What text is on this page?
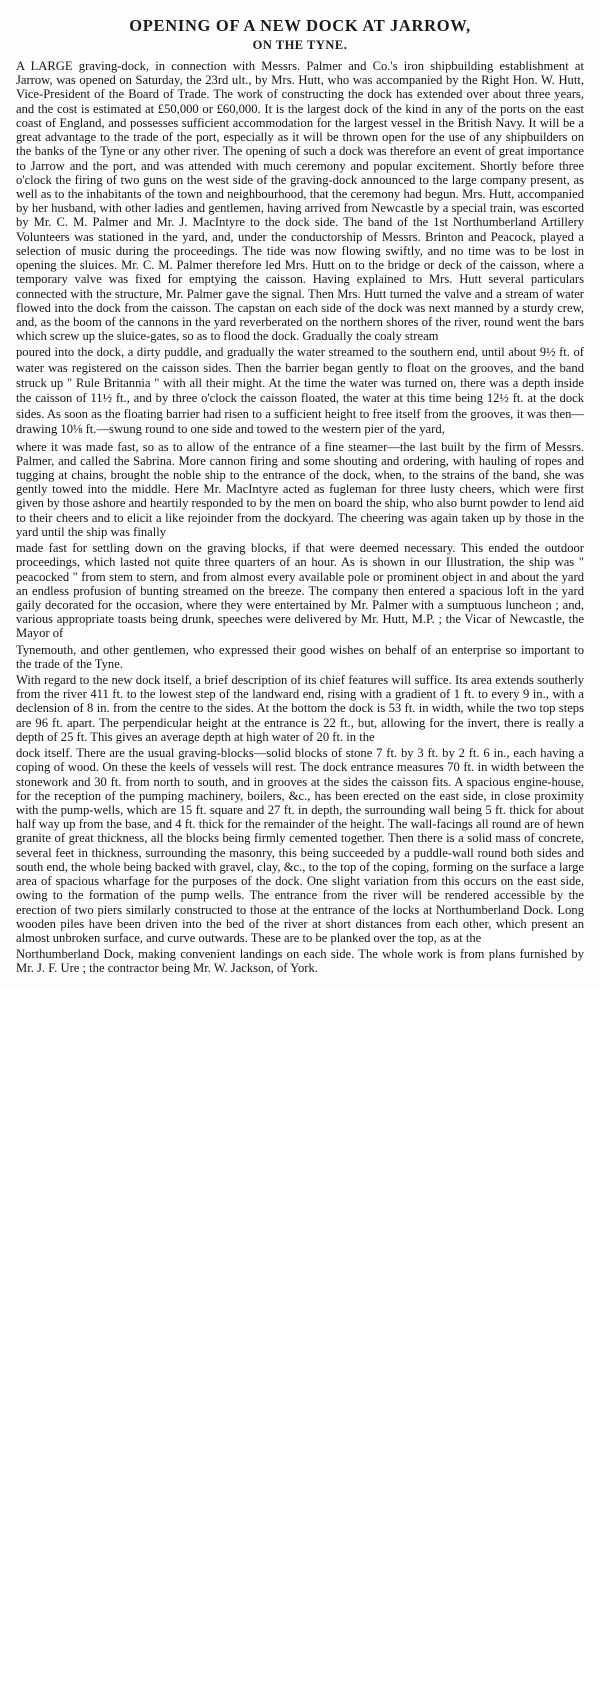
OPENING OF A NEW DOCK AT JARROW,
ON THE TYNE.

A LARGE graving-dock, in connection with Messrs. Palmer and Co.'s iron shipbuilding establishment at Jarrow, was opened on Saturday, the 23rd ult., by Mrs. Hutt, who was accompanied by the Right Hon. W. Hutt, Vice-President of the Board of Trade. The work of constructing the dock has extended over about three years, and the cost is estimated at £50,000 or £60,000. It is the largest dock of the kind in any of the ports on the east coast of England, and possesses sufficient accommodation for the largest vessel in the British Navy. It will be a great advantage to the trade of the port, especially as it will be thrown open for the use of any shipbuilders on the banks of the Tyne or any other river. The opening of such a dock was therefore an event of great importance to Jarrow and the port, and was attended with much ceremony and popular excitement. Shortly before three o'clock the firing of two guns on the west side of the graving-dock announced to the large company present, as well as to the inhabitants of the town and neighbourhood, that the ceremony had begun. Mrs. Hutt, accompanied by her husband, with other ladies and gentlemen, having arrived from Newcastle by a special train, was escorted by Mr. C. M. Palmer and Mr. J. MacIntyre to the dock side. The band of the 1st Northumberland Artillery Volunteers was stationed in the yard, and, under the conductorship of Messrs. Brinton and Peacock, played a selection of music during the proceedings. The tide was now flowing swiftly, and no time was to be lost in opening the sluices. Mr. C. M. Palmer therefore led Mrs. Hutt on to the bridge or deck of the caisson, where a temporary valve was fixed for emptying the caisson. Having explained to Mrs. Hutt several particulars connected with the structure, Mr. Palmer gave the signal. Then Mrs. Hutt turned the valve and a stream of water flowed into the dock from the caisson. The capstan on each side of the dock was next manned by a sturdy crew, and, as the boom of the cannons in the yard reverberated on the northern shores of the river, round went the bars which screw up the sluice-gates, so as to flood the dock. Gradually the coaly stream

poured into the dock, a dirty puddle, and gradually the water streamed to the southern end, until about 9½ ft. of water was registered on the caisson sides. Then the barrier began gently to float on the grooves, and the band struck up " Rule Britannia " with all their might. At the time the water was turned on, there was a depth inside the caisson of 11½ ft., and by three o'clock the caisson floated, the water at this time being 12½ ft. at the dock sides. As soon as the floating barrier had risen to a sufficient height to free itself from the grooves, it was then—drawing 10⅛ ft.—swung round to one side and towed to the western pier of the yard,

where it was made fast, so as to allow of the entrance of a fine steamer—the last built by the firm of Messrs. Palmer, and called the Sabrina. More cannon firing and some shouting and ordering, with hauling of ropes and tugging at chains, brought the noble ship to the entrance of the dock, when, to the strains of the band, she was gently towed into the middle. Here Mr. MacIntyre acted as fugleman for three lusty cheers, which were first given by those ashore and heartily responded to by the men on board the ship, who also burnt powder to lend aid to their cheers and to elicit a like rejoinder from the dockyard. The cheering was again taken up by those in the yard until the ship was finally

made fast for settling down on the graving blocks, if that were deemed necessary. This ended the outdoor proceedings, which lasted not quite three quarters of an hour. As is shown in our Illustration, the ship was " peacocked " from stem to stern, and from almost every available pole or prominent object in and about the yard an endless profusion of bunting streamed on the breeze. The company then entered a spacious loft in the yard gaily decorated for the occasion, where they were entertained by Mr. Palmer with a sumptuous luncheon ; and, various appropriate toasts being drunk, speeches were delivered by Mr. Hutt, M.P. ; the Vicar of Newcastle, the Mayor of

Tynemouth, and other gentlemen, who expressed their good wishes on behalf of an enterprise so important to the trade of the Tyne.

With regard to the new dock itself, a brief description of its chief features will suffice. Its area extends southerly from the river 411 ft. to the lowest step of the landward end, rising with a gradient of 1 ft. to every 9 in., with a declension of 8 in. from the centre to the sides. At the bottom the dock is 53 ft. in width, while the two top steps are 96 ft. apart. The perpendicular height at the entrance is 22 ft., but, allowing for the invert, there is really a depth of 25 ft. This gives an average depth at high water of 20 ft. in the

dock itself. There are the usual graving-blocks—solid blocks of stone 7 ft. by 3 ft. by 2 ft. 6 in., each having a coping of wood. On these the keels of vessels will rest. The dock entrance measures 70 ft. in width between the stonework and 30 ft. from north to south, and in grooves at the sides the caisson fits. A spacious engine-house, for the reception of the pumping machinery, boilers, &c., has been erected on the east side, in close proximity with the pump-wells, which are 15 ft. square and 27 ft. in depth, the surrounding wall being 5 ft. thick for about half way up from the base, and 4 ft. thick for the remainder of the height. The wall-facings all round are of hewn granite of great thickness, all the blocks being firmly cemented together. Then there is a solid mass of concrete, several feet in thickness, surrounding the masonry, this being succeeded by a puddle-wall round both sides and south end, the whole being backed with gravel, clay, &c., to the top of the coping, forming on the surface a large area of spacious wharfage for the purposes of the dock. One slight variation from this occurs on the east side, owing to the formation of the pump wells. The entrance from the river will be rendered accessible by the erection of two piers similarly constructed to those at the entrance of the locks at Northumberland Dock. Long wooden piles have been driven into the bed of the river at short distances from each other, which present an almost unbroken surface, and curve outwards. These are to be planked over the top, as at the

Northumberland Dock, making convenient landings on each side. The whole work is from plans furnished by Mr. J. F. Ure ; the contractor being Mr. W. Jackson, of York.
